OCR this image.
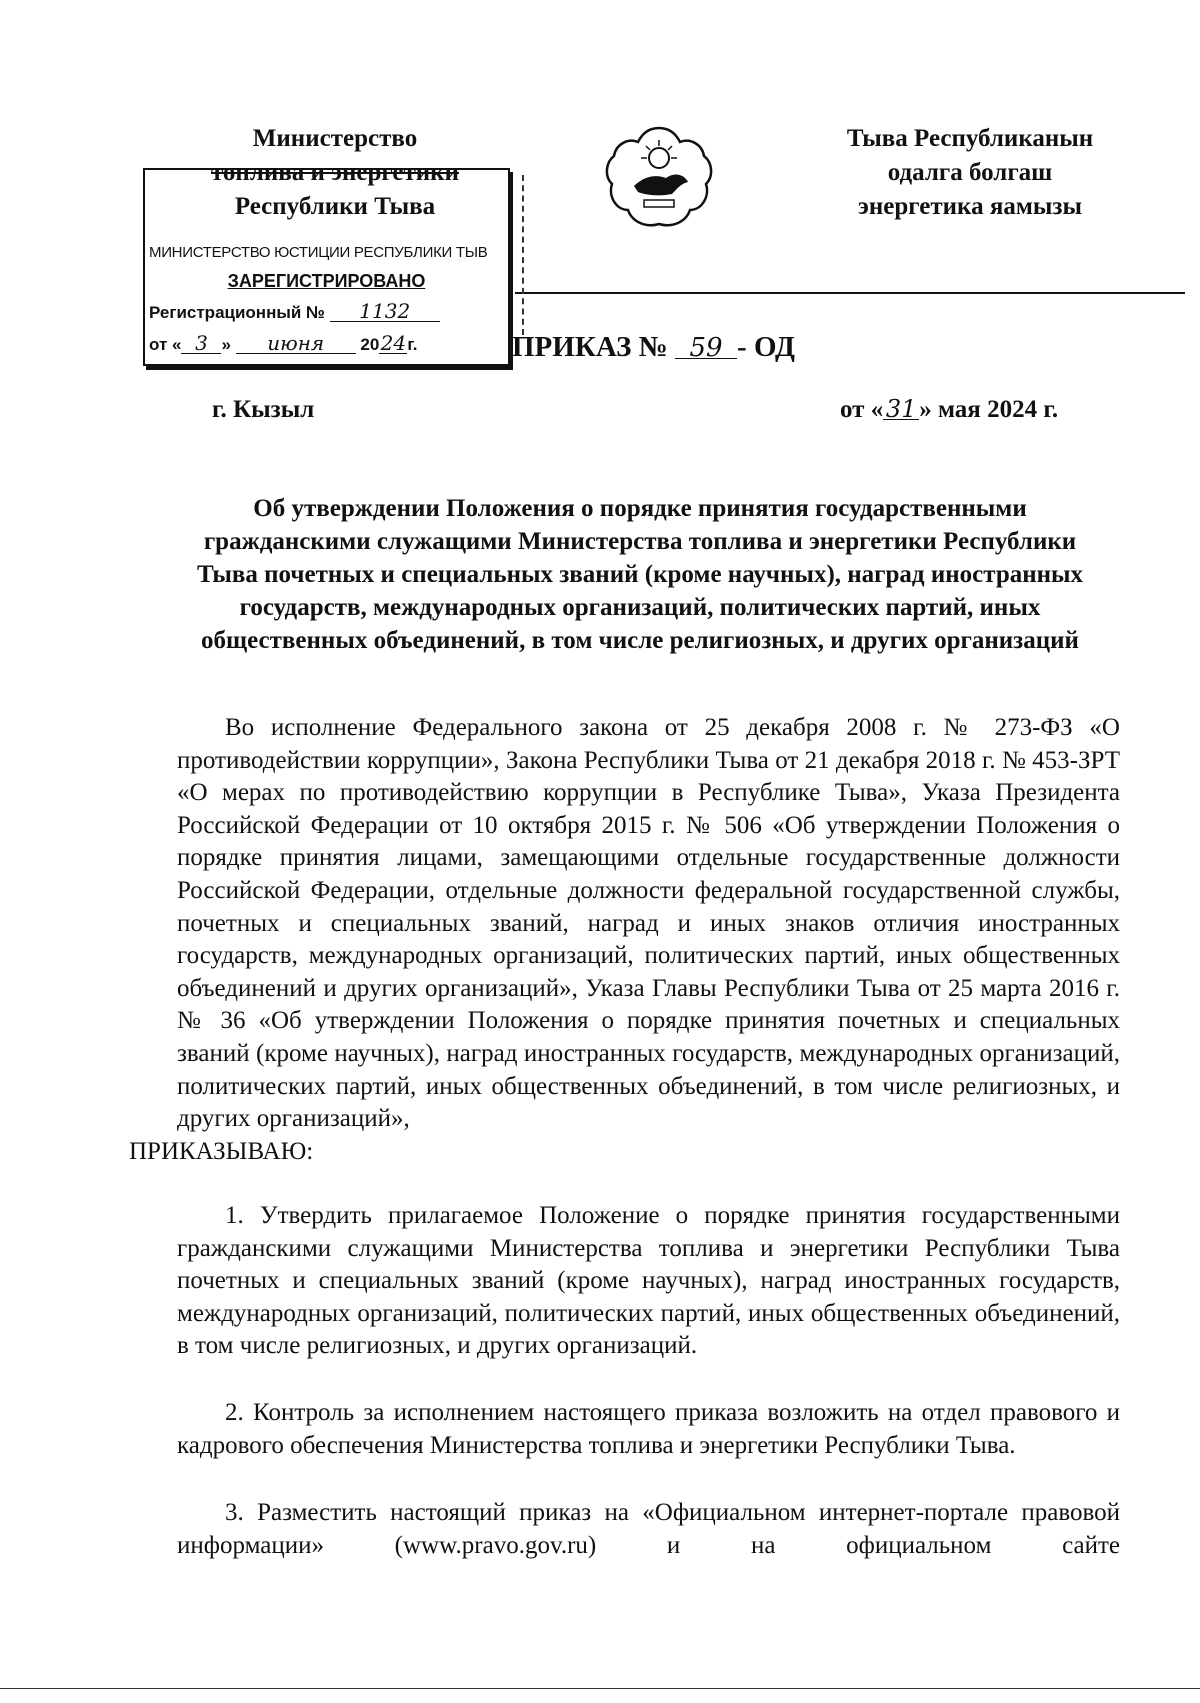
Министерство
топлива и энергетики
Республики Тыва
Тыва Республиканын
одалга болгаш
энергетика яамызы
МИНИСТЕРСТВО ЮСТИЦИИ РЕСПУБЛИКИ ТЫВ
ЗАРЕГИСТРИРОВАНО
Регистрационный № 1132
от « 3 » июня 2024г.	ПРИКАЗ № 59 - ОД
г. Кызыл	от « 31 » мая 2024 г.
Об утверждении Положения о порядке принятия государственными гражданскими служащими Министерства топлива и энергетики Республики Тыва почетных и специальных званий (кроме научных), наград иностранных государств, международных организаций, политических партий, иных общественных объединений, в том числе религиозных, и других организаций
Во исполнение Федерального закона от 25 декабря 2008 г. № 273-ФЗ «О противодействии коррупции», Закона Республики Тыва от 21 декабря 2018 г. № 453-ЗРТ «О мерах по противодействию коррупции в Республике Тыва», Указа Президента Российской Федерации от 10 октября 2015 г. № 506 «Об утверждении Положения о порядке принятия лицами, замещающими отдельные государственные должности Российской Федерации, отдельные должности федеральной государственной службы, почетных и специальных званий, наград и иных знаков отличия иностранных государств, международных организаций, политических партий, иных общественных объединений и других организаций», Указа Главы Республики Тыва от 25 марта 2016 г. № 36 «Об утверждении Положения о порядке принятия почетных и специальных званий (кроме научных), наград иностранных государств, международных организаций, политических партий, иных общественных объединений, в том числе религиозных, и других организаций»,
ПРИКАЗЫВАЮ:
1. Утвердить прилагаемое Положение о порядке принятия государственными гражданскими служащими Министерства топлива и энергетики Республики Тыва почетных и специальных званий (кроме научных), наград иностранных государств, международных организаций, политических партий, иных общественных объединений, в том числе религиозных, и других организаций.
2. Контроль за исполнением настоящего приказа возложить на отдел правового и кадрового обеспечения Министерства топлива и энергетики Республики Тыва.
3. Разместить настоящий приказ на «Официальном интернет-портале правовой информации» (www.pravo.gov.ru) и на официальном сайте
